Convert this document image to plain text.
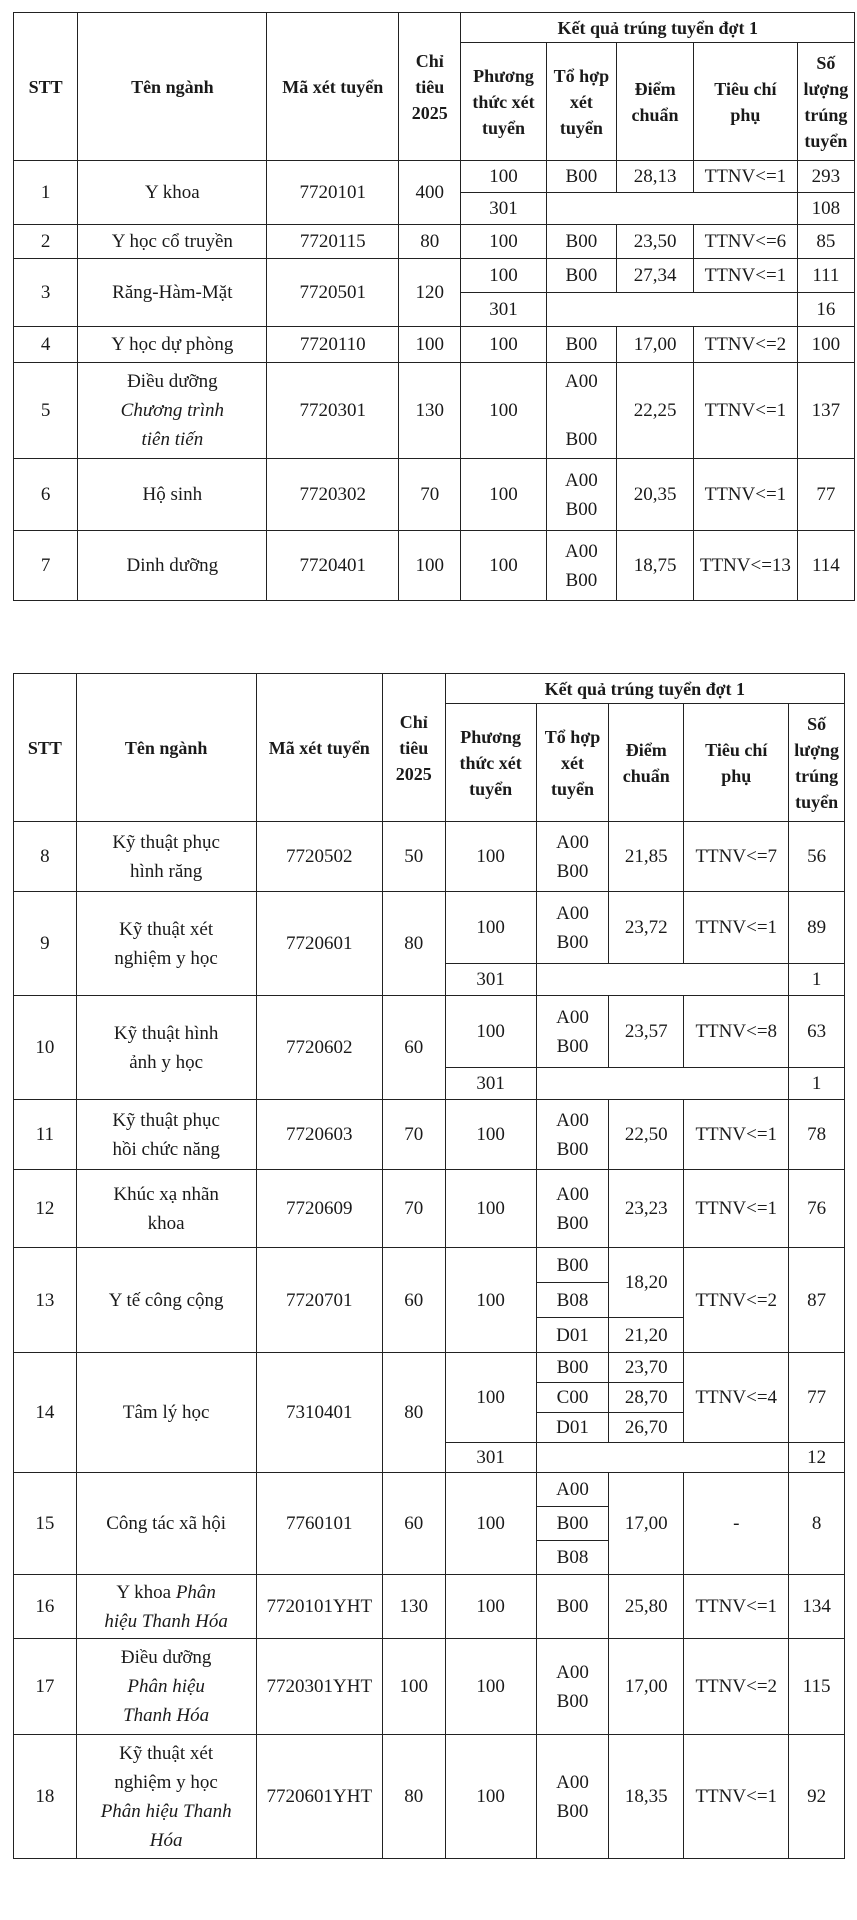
STT	Tên ngành	Mã xét tuyển	Chỉ
tiêu
2025	Kết quả trúng tuyển đợt 1				
				Phương
thức xét
tuyển	Tổ hợp
xét
tuyển	Điểm
chuẩn	Tiêu chí
phụ	Số
lượng
trúng
tuyển
1	Y khoa	7720101	400	100	B00	28,13	TTNV<=1	293
				301				108
2	Y học cổ truyền	7720115	80	100	B00	23,50	TTNV<=6	85
3	Răng-Hàm-Mặt	7720501	120	100	B00	27,34	TTNV<=1	111
				301				16
4	Y học dự phòng	7720110	100	100	B00	17,00	TTNV<=2	100
5	Điều dưỡng
Chương trình
tiên tiến	7720301	130	100	A00

B00	22,25	TTNV<=1	137
6	Hộ sinh	7720302	70	100	A00
B00	20,35	TTNV<=1	77
7	Dinh dưỡng	7720401	100	100	A00
B00	18,75	TTNV<=13	114
STT	Tên ngành	Mã xét tuyển	Chỉ
tiêu
2025	Kết quả trúng tuyển đợt 1				
				Phương
thức xét
tuyển	Tổ hợp
xét
tuyển	Điểm
chuẩn	Tiêu chí
phụ	Số
lượng
trúng
tuyển
8	Kỹ thuật phục
hình răng	7720502	50	100	A00
B00	21,85	TTNV<=7	56
9	Kỹ thuật xét
nghiệm y học	7720601	80	100	A00
B00	23,72	TTNV<=1	89
				301				1
10	Kỹ thuật hình
ảnh y học	7720602	60	100	A00
B00	23,57	TTNV<=8	63
				301				1
11	Kỹ thuật phục
hồi chức năng	7720603	70	100	A00
B00	22,50	TTNV<=1	78
12	Khúc xạ nhãn
khoa	7720609	70	100	A00
B00	23,23	TTNV<=1	76
13	Y tế công cộng	7720701	60	100	B00	18,20	TTNV<=2	87
					B08			
					D01	21,20		
14	Tâm lý học	7310401	80	100	B00	23,70	TTNV<=4	77
					C00	28,70		
					D01	26,70		
				301				12
15	Công tác xã hội	7760101	60	100	A00	17,00	-	8
					B00			
					B08			
16	Y khoa Phân
hiệu Thanh Hóa	7720101YHT	130	100	B00	25,80	TTNV<=1	134
17	Điều dưỡng
Phân hiệu
Thanh Hóa	7720301YHT	100	100	A00
B00	17,00	TTNV<=2	115
18	Kỹ thuật xét
nghiệm y học
Phân hiệu Thanh
Hóa	7720601YHT	80	100	A00
B00	18,35	TTNV<=1	92
